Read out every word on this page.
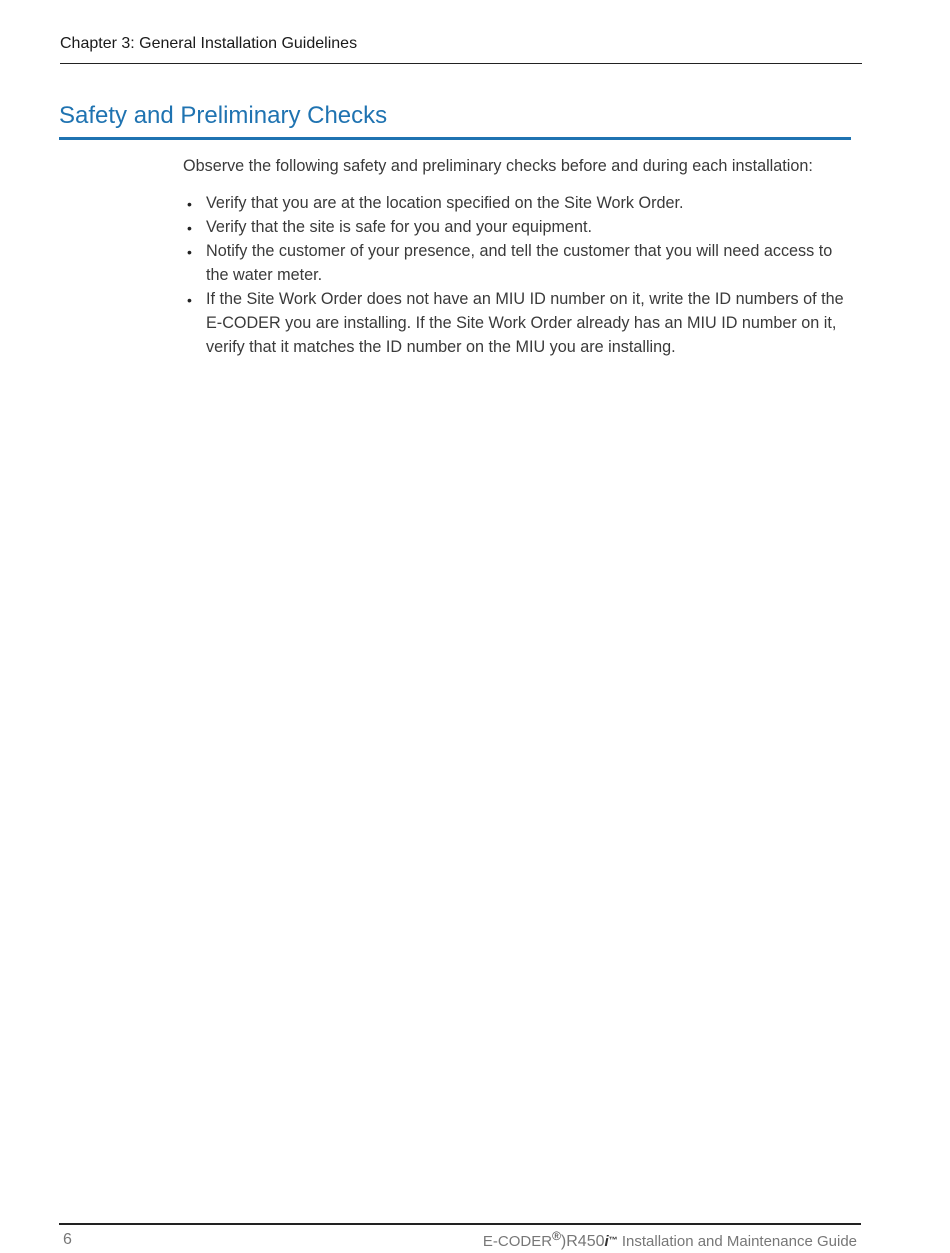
Chapter 3: General Installation Guidelines
Safety and Preliminary Checks

Observe the following safety and preliminary checks before and during each installation:

• Verify that you are at the location specified on the Site Work Order.
• Verify that the site is safe for you and your equipment.
• Notify the customer of your presence, and tell the customer that you will need access to the water meter.
• If the Site Work Order does not have an MIU ID number on it, write the ID numbers of the E-CODER you are installing. If the Site Work Order already has an MIU ID number on it, verify that it matches the ID number on the MIU you are installing.
6	E-CODER®)R450i™ Installation and Maintenance Guide
